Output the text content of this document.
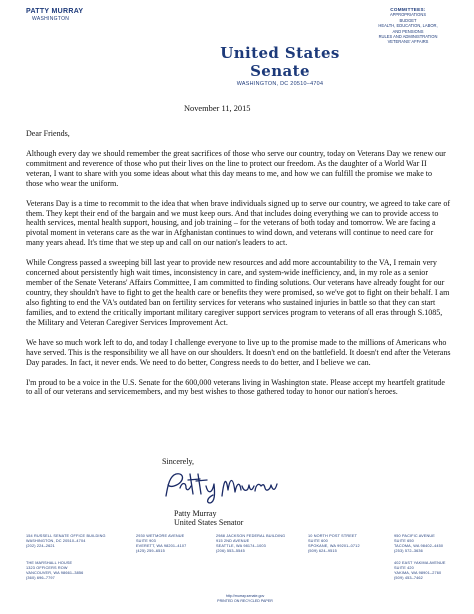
PATTY MURRAY
WASHINGTON
COMMITTEES:
APPROPRIATIONS
BUDGET
HEALTH, EDUCATION, LABOR,
AND PENSIONS
RULES AND ADMINISTRATION
VETERANS' AFFAIRS
United States Senate
WASHINGTON, DC 20510–4704
November 11, 2015

Dear Friends,

Although every day we should remember the great sacrifices of those who serve our country, today on Veterans Day we renew our commitment and reverence of those who put their lives on the line to protect our freedom. As the daughter of a World War II veteran, I want to share with you some ideas about what this day means to me, and how we can fulfill the promise we make to those who wear the uniform.

Veterans Day is a time to recommit to the idea that when brave individuals signed up to serve our country, we agreed to take care of them. They kept their end of the bargain and we must keep ours. And that includes doing everything we can to provide access to health services, mental health support, housing, and job training – for the veterans of both today and tomorrow. We are facing a pivotal moment in veterans care as the war in Afghanistan continues to wind down, and veterans will continue to need care for many years ahead. It's time that we step up and call on our nation's leaders to act.

While Congress passed a sweeping bill last year to provide new resources and add more accountability to the VA, I remain very concerned about persistently high wait times, inconsistency in care, and system-wide inefficiency, and, in my role as a senior member of the Senate Veterans' Affairs Committee, I am committed to finding solutions. Our veterans have already fought for our country, they shouldn't have to fight to get the health care or benefits they were promised, so we've got to fight on their behalf. I am also fighting to end the VA's outdated ban on fertility services for veterans who sustained injuries in battle so that they can start families, and to extend the critically important military caregiver support services program to veterans of all eras through S.1085, the Military and Veteran Caregiver Services Improvement Act.

We have so much work left to do, and today I challenge everyone to live up to the promise made to the millions of Americans who have served. This is the responsibility we all have on our shoulders. It doesn't end on the battlefield. It doesn't end after the Veterans Day parades. In fact, it never ends. We need to do better, Congress needs to do better, and I believe we can.

I'm proud to be a voice in the U.S. Senate for the 600,000 veterans living in Washington state. Please accept my heartfelt gratitude to all of our veterans and servicemembers, and my best wishes to those gathered today to honor our nation's heroes.

Sincerely,
Patty Murray
United States Senator
154 RUSSELL SENATE OFFICE BUILDING
WASHINGTON, DC 20510–4704
(202) 224–2621
2930 WETMORE AVENUE
SUITE 903
EVERETT, WA 98201–4107
(425) 259–6515
2988 JACKSON FEDERAL BUILDING
915 2ND AVENUE
SEATTLE, WA 98174–1003
(206) 553–5545
10 NORTH POST STREET
SUITE 600
SPOKANE, WA 99201–0712
(509) 624–9515
950 PACIFIC AVENUE
SUITE 650
TACOMA, WA 98402–4450
(253) 572–3636
THE MARSHALL HOUSE
1323 OFFICERS ROW
VANCOUVER, WA 98661–3856
(360) 696–7797
402 EAST YAKIMA AVENUE
SUITE 420
YAKIMA, WA 98901–2760
(509) 453–7462
http://murray.senate.gov
PRINTED ON RECYCLED PAPER
